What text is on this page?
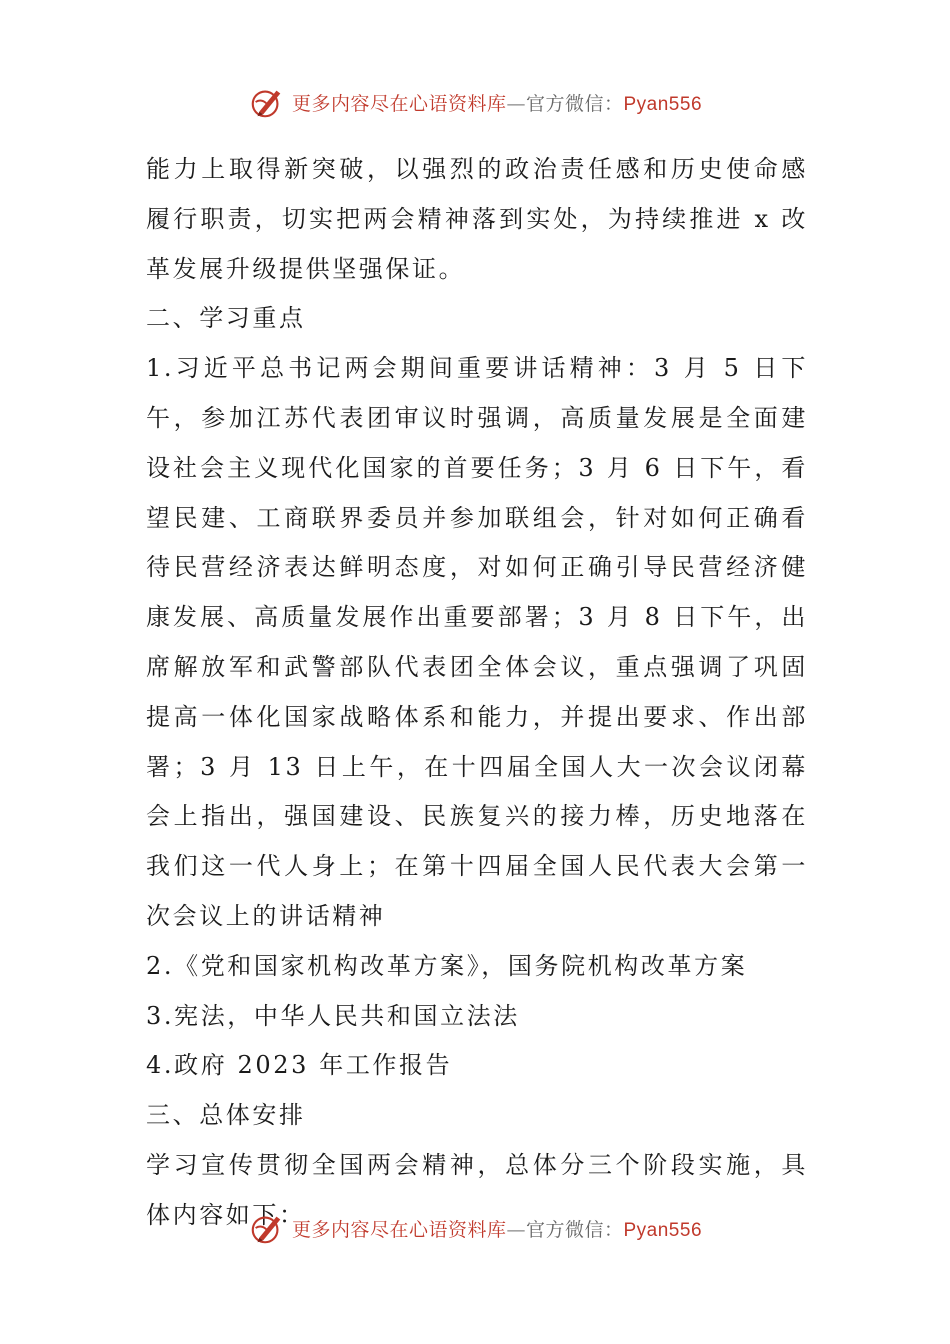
更多内容尽在心语资料库—官方微信：Pyan556

能力上取得新突破，以强烈的政治责任感和历史使命感履行职责，切实把两会精神落到实处，为持续推进 x 改革发展升级提供坚强保证。

二、学习重点

1.习近平总书记两会期间重要讲话精神：3 月 5 日下午，参加江苏代表团审议时强调，高质量发展是全面建设社会主义现代化国家的首要任务；3 月 6 日下午，看望民建、工商联界委员并参加联组会，针对如何正确看待民营经济表达鲜明态度，对如何正确引导民营经济健康发展、高质量发展作出重要部署；3 月 8 日下午，出席解放军和武警部队代表团全体会议，重点强调了巩固提高一体化国家战略体系和能力，并提出要求、作出部署；3 月 13 日上午，在十四届全国人大一次会议闭幕会上指出，强国建设、民族复兴的接力棒，历史地落在我们这一代人身上；在第十四届全国人民代表大会第一次会议上的讲话精神

2.《党和国家机构改革方案》，国务院机构改革方案

3.宪法，中华人民共和国立法法

4.政府 2023 年工作报告

三、总体安排

学习宣传贯彻全国两会精神，总体分三个阶段实施，具体内容如下：

更多内容尽在心语资料库—官方微信：Pyan556
